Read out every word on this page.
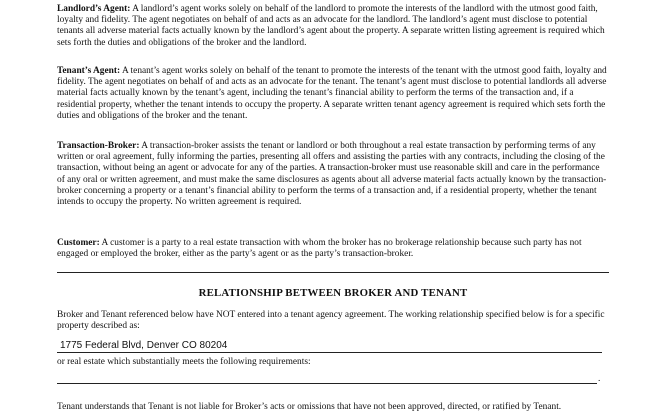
Landlord’s Agent: A landlord’s agent works solely on behalf of the landlord to promote the interests of the landlord with the utmost good faith, loyalty and fidelity. The agent negotiates on behalf of and acts as an advocate for the landlord. The landlord’s agent must disclose to potential tenants all adverse material facts actually known by the landlord’s agent about the property. A separate written listing agreement is required which sets forth the duties and obligations of the broker and the landlord.

Tenant’s Agent: A tenant’s agent works solely on behalf of the tenant to promote the interests of the tenant with the utmost good faith, loyalty and fidelity. The agent negotiates on behalf of and acts as an advocate for the tenant. The tenant’s agent must disclose to potential landlords all adverse material facts actually known by the tenant’s agent, including the tenant’s financial ability to perform the terms of the transaction and, if a residential property, whether the tenant intends to occupy the property. A separate written tenant agency agreement is required which sets forth the duties and obligations of the broker and the tenant.

Transaction-Broker: A transaction-broker assists the tenant or landlord or both throughout a real estate transaction by performing terms of any written or oral agreement, fully informing the parties, presenting all offers and assisting the parties with any contracts, including the closing of the transaction, without being an agent or advocate for any of the parties. A transaction-broker must use reasonable skill and care in the performance of any oral or written agreement, and must make the same disclosures as agents about all adverse material facts actually known by the transaction-broker concerning a property or a tenant’s financial ability to perform the terms of a transaction and, if a residential property, whether the tenant intends to occupy the property. No written agreement is required.

Customer: A customer is a party to a real estate transaction with whom the broker has no brokerage relationship because such party has not engaged or employed the broker, either as the party’s agent or as the party’s transaction-broker.

RELATIONSHIP BETWEEN BROKER AND TENANT

Broker and Tenant referenced below have NOT entered into a tenant agency agreement. The working relationship specified below is for a specific property described as:

1775 Federal Blvd, Denver CO 80204

or real estate which substantially meets the following requirements:

.

Tenant understands that Tenant is not liable for Broker’s acts or omissions that have not been approved, directed, or ratified by Tenant.
